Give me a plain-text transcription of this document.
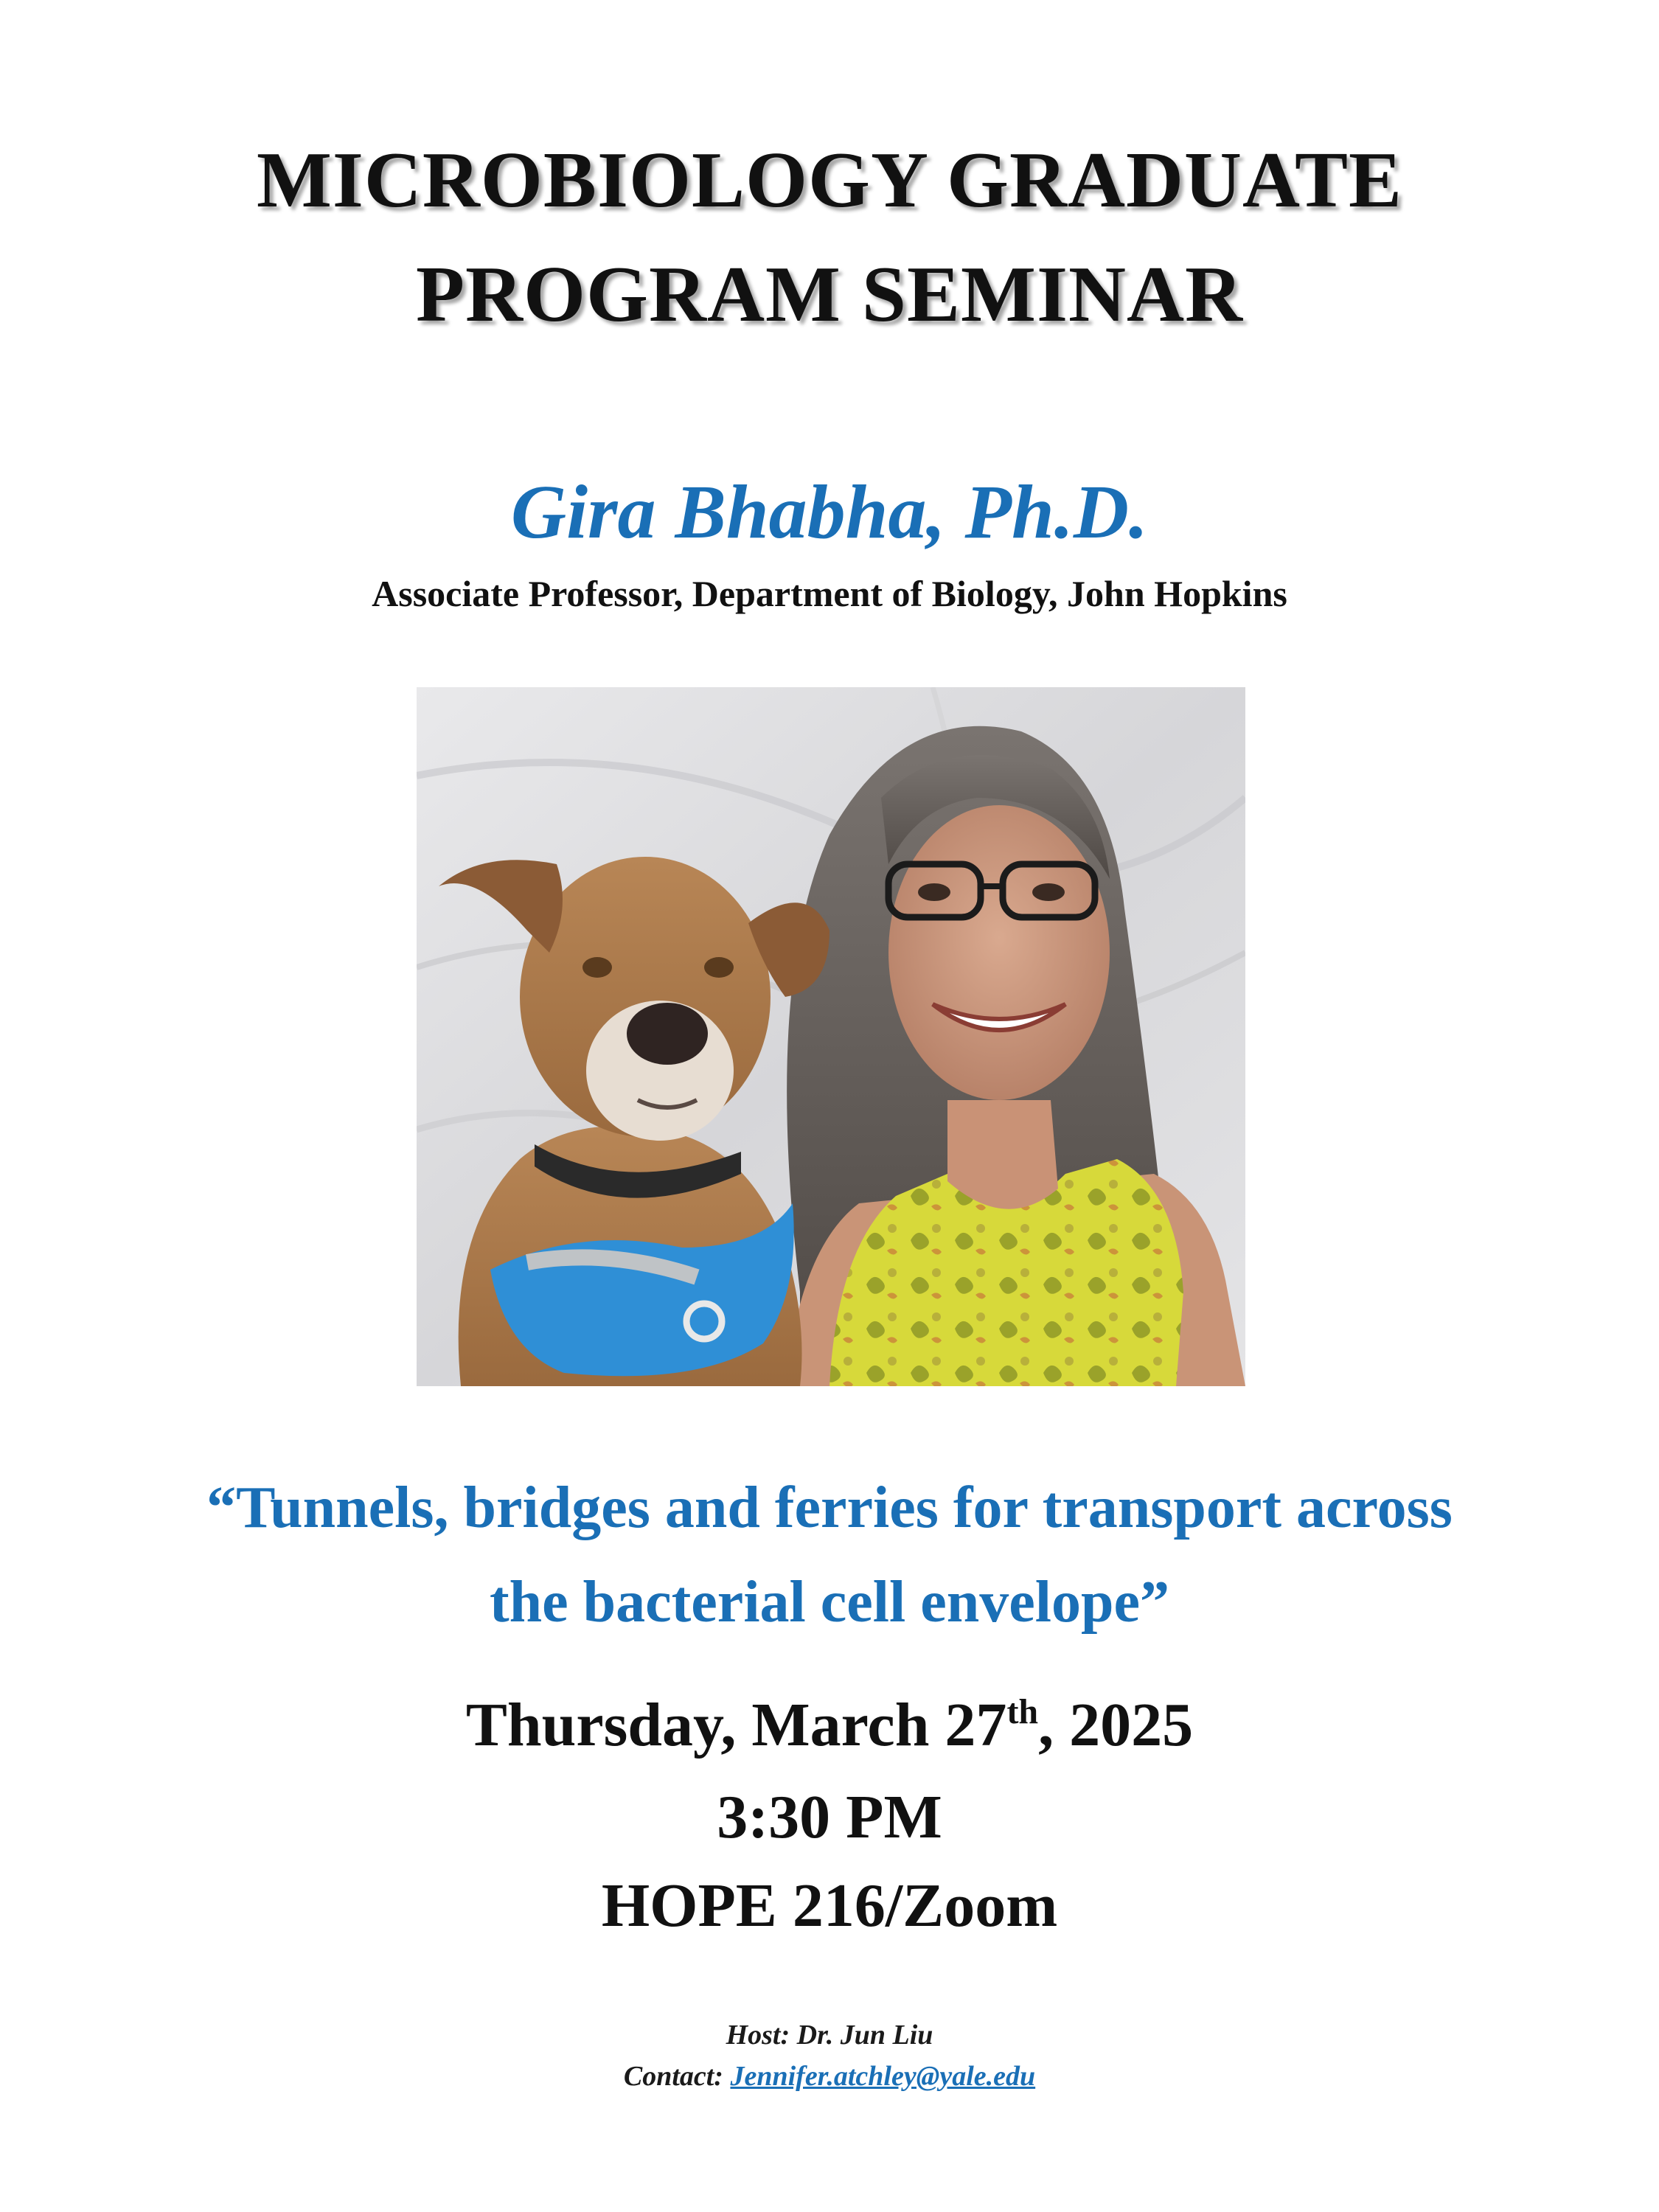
MICROBIOLOGY GRADUATE
PROGRAM SEMINAR
Gira Bhabha, Ph.D.
Associate Professor, Department of Biology, John Hopkins
“Tunnels, bridges and ferries for transport across
the bacterial cell envelope”
Thursday, March 27th, 2025
3:30 PM
HOPE 216/Zoom
Host: Dr. Jun Liu
Contact: Jennifer.atchley@yale.edu
